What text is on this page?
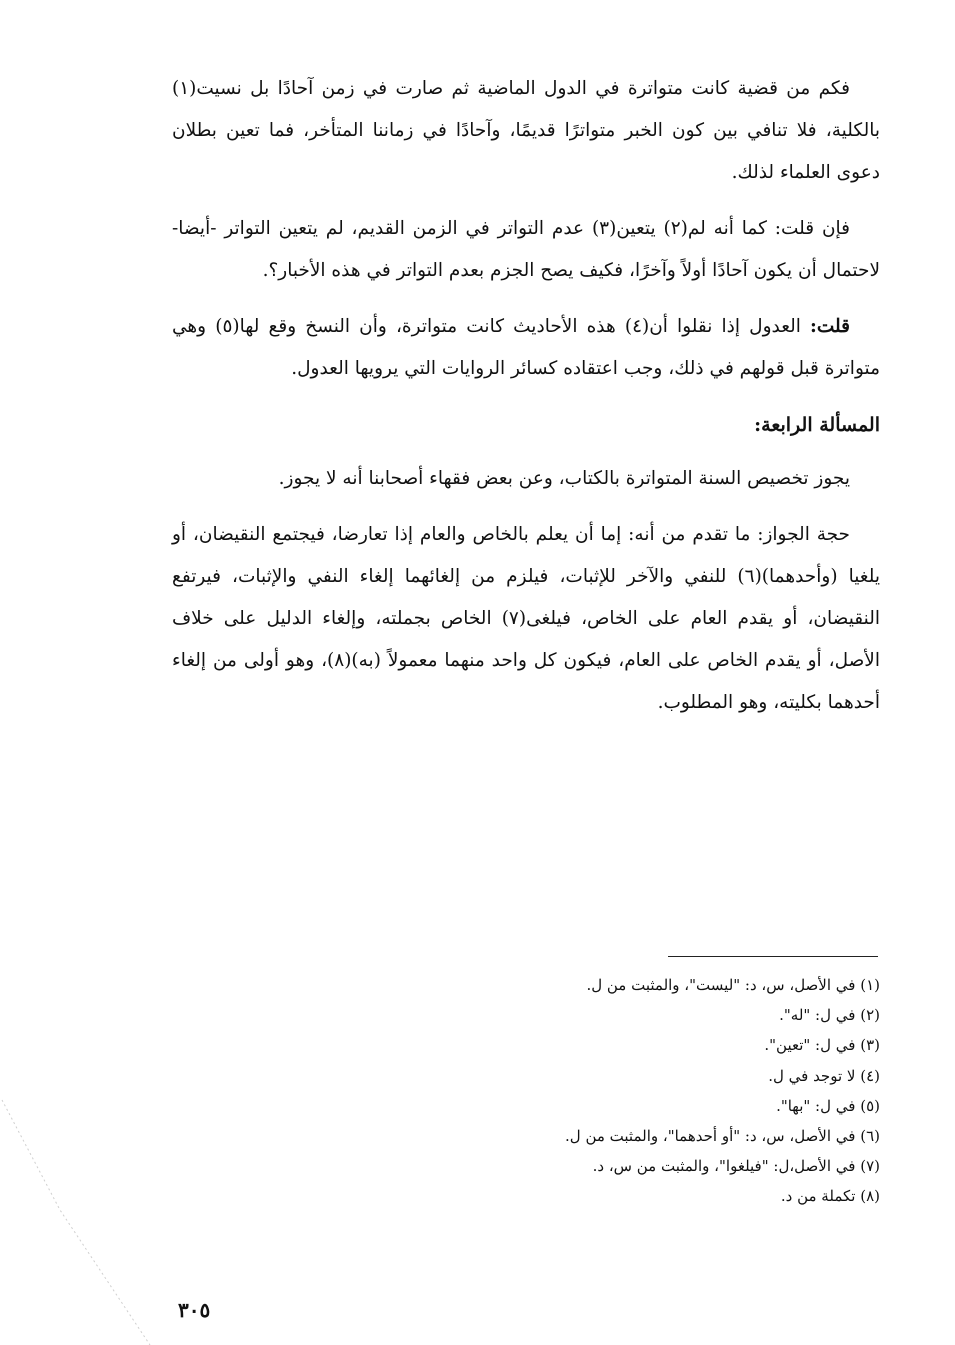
فكم من قضية كانت متواترة في الدول الماضية ثم صارت في زمن آحادًا بل نسيت(١) بالكلية، فلا تنافي بين كون الخبر متواترًا قديمًا، وآحادًا في زماننا المتأخر، فما تعين بطلان دعوى العلماء لذلك.

فإن قلت: كما أنه لم(٢) يتعين(٣) عدم التواتر في الزمن القديم، لم يتعين التواتر -أيضا- لاحتمال أن يكون آحادًا أولاً وآخرًا، فكيف يصح الجزم بعدم التواتر في هذه الأخبار؟.

قلت: العدول إذا نقلوا أن(٤) هذه الأحاديث كانت متواترة، وأن النسخ وقع لها(٥) وهي متواترة قبل قولهم في ذلك، وجب اعتقاده كسائر الروايات التي يرويها العدول.

المسألة الرابعة:

يجوز تخصيص السنة المتواترة بالكتاب، وعن بعض فقهاء أصحابنا أنه لا يجوز.

حجة الجواز: ما تقدم من أنه: إما أن يعلم بالخاص والعام إذا تعارضا، فيجتمع النقيضان، أو يلغيا (وأحدهما)(٦) للنفي والآخر للإثبات، فيلزم من إلغائهما إلغاء النفي والإثبات، فيرتفع النقيضان، أو يقدم العام على الخاص، فيلغى(٧) الخاص بجملته، وإلغاء الدليل على خلاف الأصل، أو يقدم الخاص على العام، فيكون كل واحد منهما معمولاً (به)(٨)، وهو أولى من إلغاء أحدهما بكليته، وهو المطلوب.

(١) في الأصل، س، د: "ليست"، والمثبت من ل.
(٢) في ل: "له".
(٣) في ل: "تعين".
(٤) لا توجد في ل.
(٥) في ل: "بها".
(٦) في الأصل، س، د: "أو أحدهما"، والمثبت من ل.
(٧) في الأصل،ل: "فيلغوا"، والمثبت من س، د.
(٨) تكملة من د.
٣٠٥
